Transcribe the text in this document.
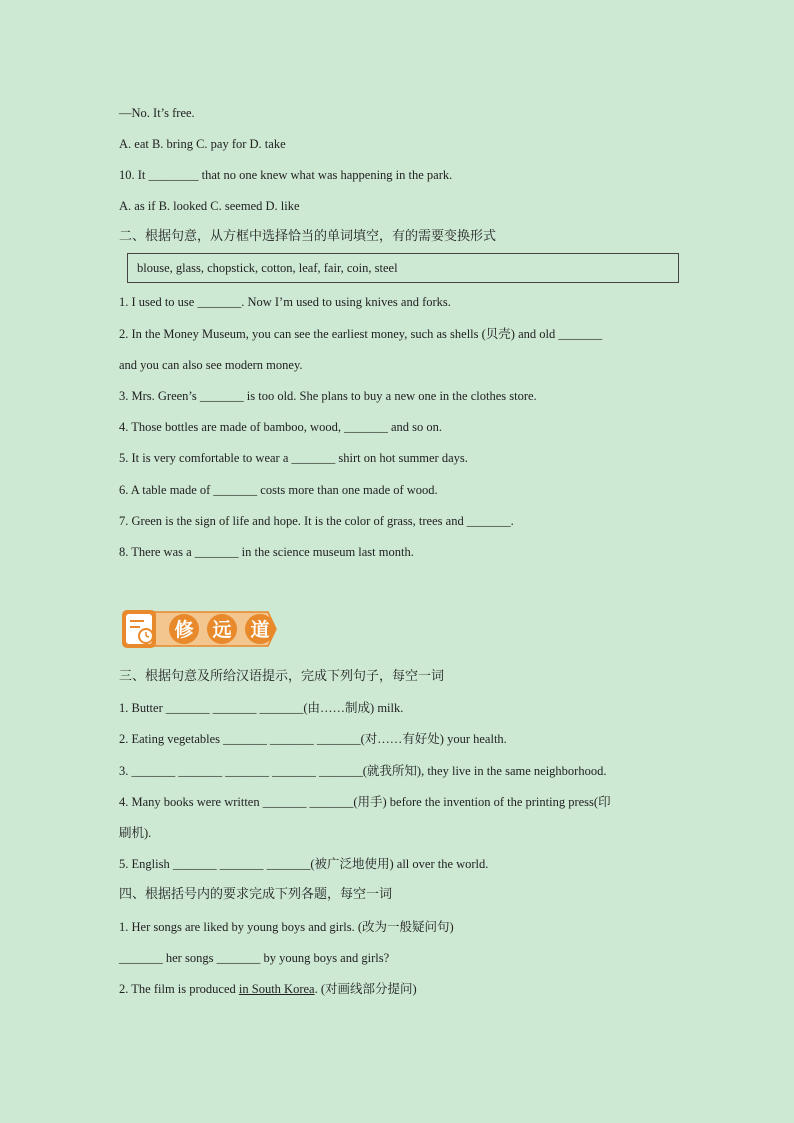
—No. It’s free.
A. eat B. bring C. pay for D. take
10. It ________ that no one knew what was happening in the park.
A. as if B. looked C. seemed D. like
1. I used to use _______. Now I’m used to using knives and forks.
2. In the Money Museum, you can see the earliest money, such as shells (贝壳) and old _______
and you can also see modern money.
3. Mrs. Green’s _______ is too old. She plans to buy a new one in the clothes store.
4. Those bottles are made of bamboo, wood, _______ and so on.
5. It is very comfortable to wear a _______ shirt on hot summer days.
6. A table made of _______ costs more than one made of wood.
7. Green is the sign of life and hope. It is the color of grass, trees and _______.
8. There was a _______ in the science museum last month.
1. Butter _______ _______ _______(由……制成) milk.
2. Eating vegetables _______ _______ _______(对……有好处) your health.
3. _______ _______ _______ _______ _______(就我所知), they live in the same neighborhood.
4. Many books were written _______ _______(用手) before the invention of the printing press(印
刷机).
5. English _______ _______ _______(被广泛地使用) all over the world.
1. Her songs are liked by young boys and girls. (改为一般疑问句)
_______ her songs _______ by young boys and girls?
二、根据句意，从方框中选择恰当的单词填空，有的需要变换形式
三、根据句意及所给汉语提示，完成下列句子，每空一词
四、根据括号内的要求完成下列各题，每空一词
blouse, glass, chopstick, cotton, leaf, fair, coin, steel
修 远 道
2. The film is produced in South Korea. (对画线部分提问)
